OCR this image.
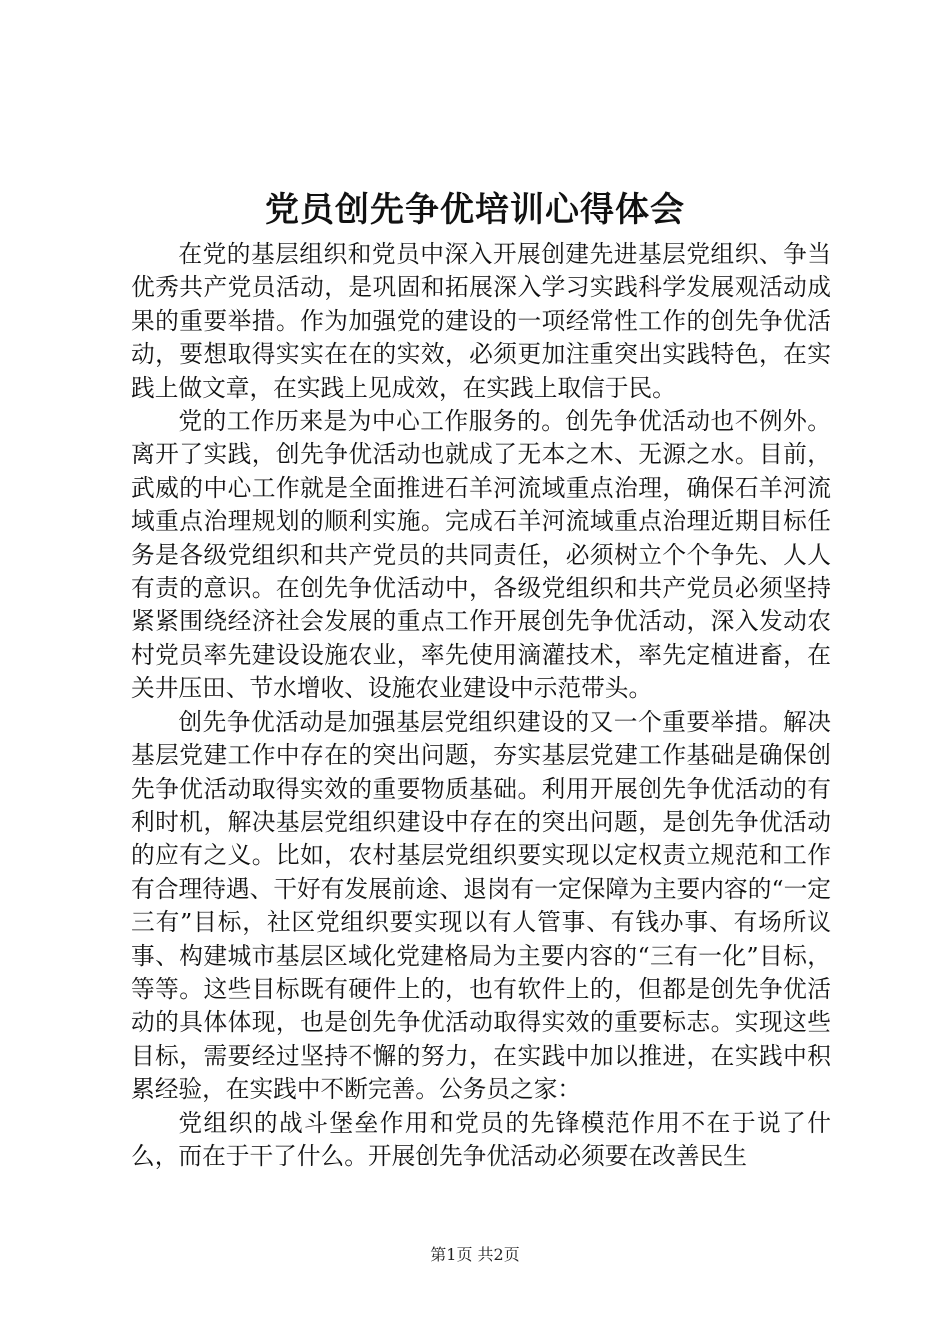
党员创先争优培训心得体会

在党的基层组织和党员中深入开展创建先进基层党组织、争当优秀共产党员活动，是巩固和拓展深入学习实践科学发展观活动成果的重要举措。作为加强党的建设的一项经常性工作的创先争优活动，要想取得实实在在的实效，必须更加注重突出实践特色，在实践上做文章，在实践上见成效，在实践上取信于民。

党的工作历来是为中心工作服务的。创先争优活动也不例外。离开了实践，创先争优活动也就成了无本之木、无源之水。目前，武威的中心工作就是全面推进石羊河流域重点治理，确保石羊河流域重点治理规划的顺利实施。完成石羊河流域重点治理近期目标任务是各级党组织和共产党员的共同责任，必须树立个个争先、人人有责的意识。在创先争优活动中，各级党组织和共产党员必须坚持紧紧围绕经济社会发展的重点工作开展创先争优活动，深入发动农村党员率先建设设施农业，率先使用滴灌技术，率先定植进畜，在关井压田、节水增收、设施农业建设中示范带头。

创先争优活动是加强基层党组织建设的又一个重要举措。解决基层党建工作中存在的突出问题，夯实基层党建工作基础是确保创先争优活动取得实效的重要物质基础。利用开展创先争优活动的有利时机，解决基层党组织建设中存在的突出问题，是创先争优活动的应有之义。比如，农村基层党组织要实现以定权责立规范和工作有合理待遇、干好有发展前途、退岗有一定保障为主要内容的“一定三有”目标，社区党组织要实现以有人管事、有钱办事、有场所议事、构建城市基层区域化党建格局为主要内容的“三有一化”目标，等等。这些目标既有硬件上的，也有软件上的，但都是创先争优活动的具体体现，也是创先争优活动取得实效的重要标志。实现这些目标，需要经过坚持不懈的努力，在实践中加以推进，在实践中积累经验，在实践中不断完善。公务员之家：

党组织的战斗堡垒作用和党员的先锋模范作用不在于说了什么，而在于干了什么。开展创先争优活动必须要在改善民生

第1页 共2页
